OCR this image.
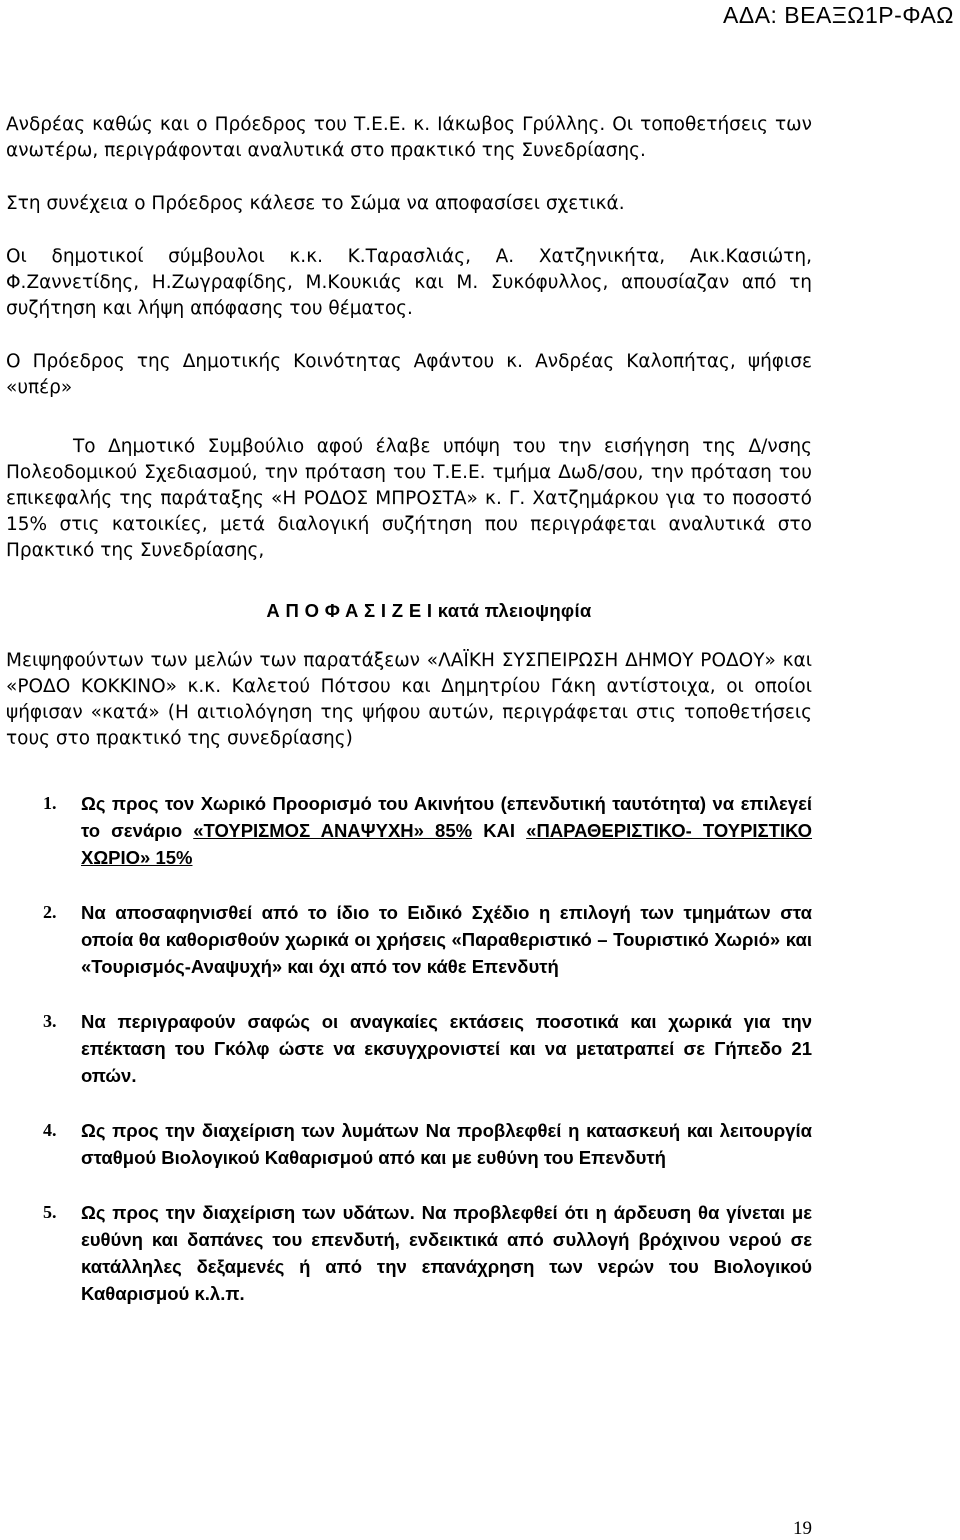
ΑΔΑ: ΒΕΑΞΩ1Ρ-ΦΑΩ

Ανδρέας καθώς και ο Πρόεδρος του Τ.Ε.Ε. κ. Ιάκωβος Γρύλλης. Οι τοποθετήσεις των ανωτέρω, περιγράφονται αναλυτικά στο πρακτικό της Συνεδρίασης.

Στη συνέχεια ο Πρόεδρος κάλεσε το Σώμα να αποφασίσει σχετικά.

Οι δημοτικοί σύμβουλοι κ.κ. Κ.Ταρασλιάς, Α. Χατζηνικήτα, Αικ.Κασιώτη, Φ.Ζαννετίδης, Η.Ζωγραφίδης, Μ.Κουκιάς και Μ. Συκόφυλλος, απουσίαζαν από τη συζήτηση και λήψη απόφασης του θέματος.

Ο Πρόεδρος της Δημοτικής Κοινότητας Αφάντου κ. Ανδρέας Καλοπήτας, ψήφισε «υπέρ»

Το Δημοτικό Συμβούλιο αφού έλαβε υπόψη του την εισήγηση της Δ/νσης Πολεοδομικού Σχεδιασμού, την πρόταση του Τ.Ε.Ε. τμήμα Δωδ/σου, την πρόταση του επικεφαλής της παράταξης «Η ΡΟΔΟΣ ΜΠΡΟΣΤΑ» κ. Γ. Χατζημάρκου για το ποσοστό 15% στις κατοικίες, μετά διαλογική συζήτηση που περιγράφεται αναλυτικά στο Πρακτικό της Συνεδρίασης,

Α Π Ο Φ Α Σ Ι Ζ Ε Ι κατά πλειοψηφία

Μειψηφούντων των μελών των παρατάξεων «ΛΑΪΚΗ ΣΥΣΠΕΙΡΩΣΗ ΔΗΜΟΥ ΡΟΔΟΥ» και «ΡΟΔΟ ΚΟΚΚΙΝΟ» κ.κ. Καλετού Πότσου και Δημητρίου Γάκη αντίστοιχα, οι οποίοι ψήφισαν «κατά» (Η αιτιολόγηση της ψήφου αυτών, περιγράφεται στις τοποθετήσεις τους στο πρακτικό της συνεδρίασης)

1. Ως προς τον Χωρικό Προορισμό του Ακινήτου (επενδυτική ταυτότητα) να επιλεγεί το σενάριο «ΤΟΥΡΙΣΜΟΣ ΑΝΑΨΥΧΗ» 85% ΚΑΙ «ΠΑΡΑΘΕΡΙΣΤΙΚΟ- ΤΟΥΡΙΣΤΙΚΟ ΧΩΡΙΟ» 15%
2. Να αποσαφηνισθεί από το ίδιο το Ειδικό Σχέδιο η επιλογή των τμημάτων στα οποία θα καθορισθούν χωρικά οι χρήσεις «Παραθεριστικό – Τουριστικό Χωριό» και «Τουρισμός-Αναψυχή» και όχι από τον κάθε Επενδυτή
3. Να περιγραφούν σαφώς οι αναγκαίες εκτάσεις ποσοτικά και χωρικά για την επέκταση του Γκόλφ ώστε να εκσυγχρονιστεί και να μετατραπεί σε Γήπεδο 21 οπών.
4. Ως προς την διαχείριση των λυμάτων Να προβλεφθεί η κατασκευή και λειτουργία σταθμού Βιολογικού Καθαρισμού από και με ευθύνη του Επενδυτή
5. Ως προς την διαχείριση των υδάτων. Να προβλεφθεί ότι η άρδευση θα γίνεται με ευθύνη και δαπάνες του επενδυτή, ενδεικτικά από συλλογή βρόχινου νερού σε κατάλληλες δεξαμενές ή από την επανάχρηση των νερών του Βιολογικού Καθαρισμού κ.λ.π.
19
